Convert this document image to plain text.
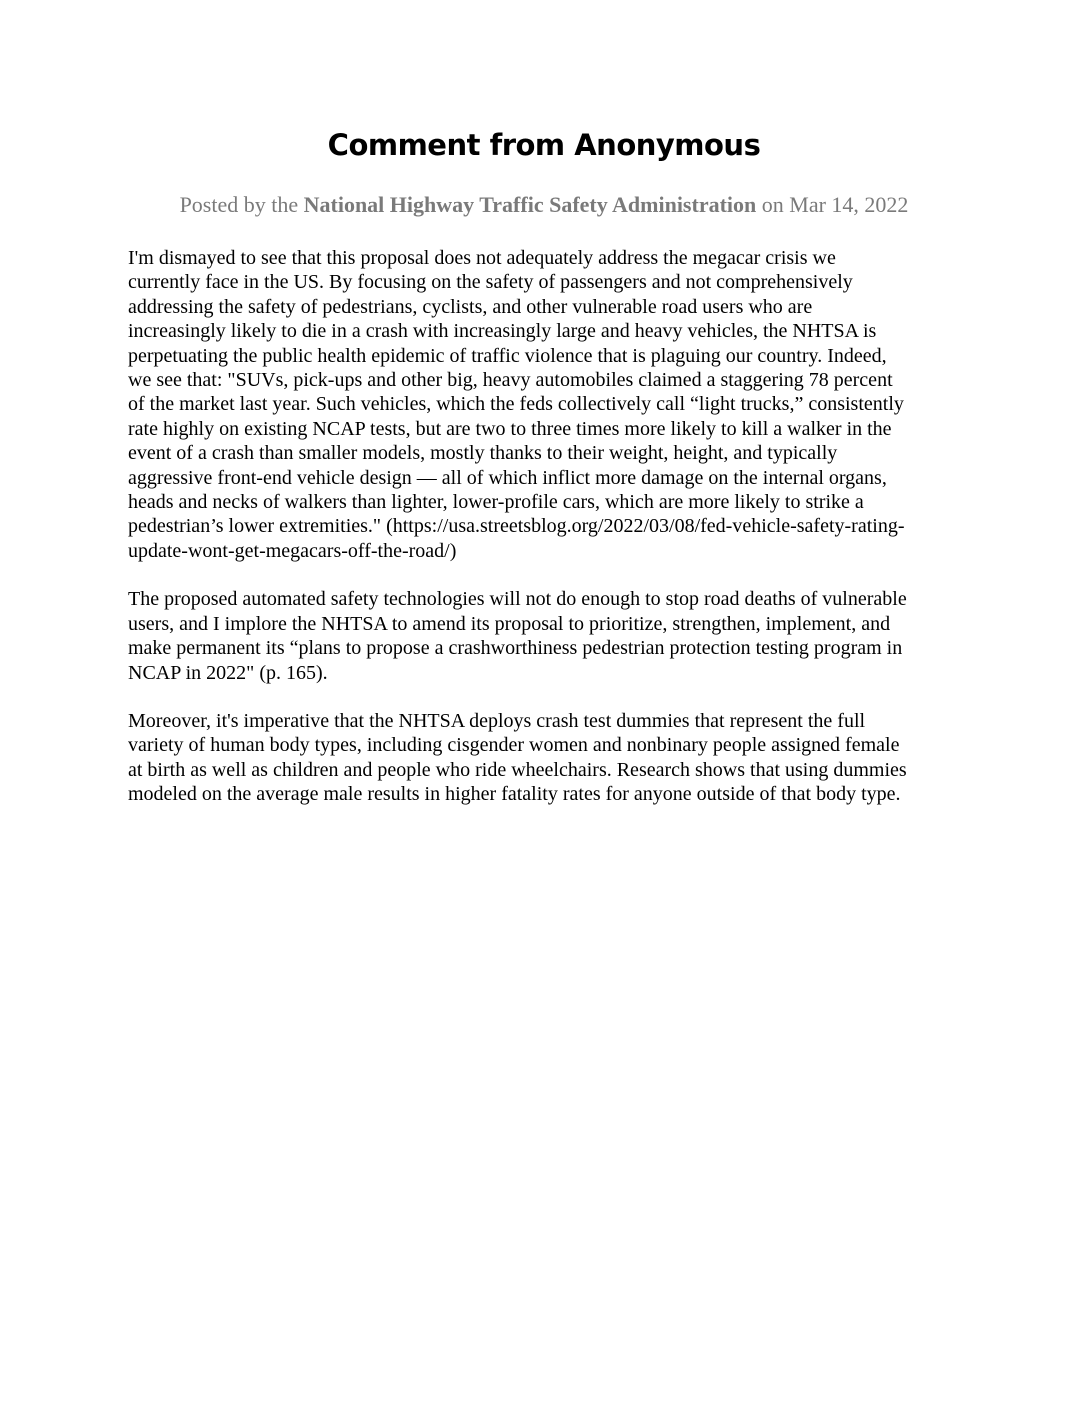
Comment from Anonymous
Posted by the National Highway Traffic Safety Administration on Mar 14, 2022

I'm dismayed to see that this proposal does not adequately address the megacar crisis we
currently face in the US. By focusing on the safety of passengers and not comprehensively
addressing the safety of pedestrians, cyclists, and other vulnerable road users who are
increasingly likely to die in a crash with increasingly large and heavy vehicles, the NHTSA is
perpetuating the public health epidemic of traffic violence that is plaguing our country. Indeed,
we see that: "SUVs, pick-ups and other big, heavy automobiles claimed a staggering 78 percent
of the market last year. Such vehicles, which the feds collectively call “light trucks,” consistently
rate highly on existing NCAP tests, but are two to three times more likely to kill a walker in the
event of a crash than smaller models, mostly thanks to their weight, height, and typically
aggressive front-end vehicle design — all of which inflict more damage on the internal organs,
heads and necks of walkers than lighter, lower-profile cars, which are more likely to strike a
pedestrian’s lower extremities." (https://usa.streetsblog.org/2022/03/08/fed-vehicle-safety-rating-
update-wont-get-megacars-off-the-road/)

The proposed automated safety technologies will not do enough to stop road deaths of vulnerable
users, and I implore the NHTSA to amend its proposal to prioritize, strengthen, implement, and
make permanent its “plans to propose a crashworthiness pedestrian protection testing program in
NCAP in 2022" (p. 165).

Moreover, it's imperative that the NHTSA deploys crash test dummies that represent the full
variety of human body types, including cisgender women and nonbinary people assigned female
at birth as well as children and people who ride wheelchairs. Research shows that using dummies
modeled on the average male results in higher fatality rates for anyone outside of that body type.
